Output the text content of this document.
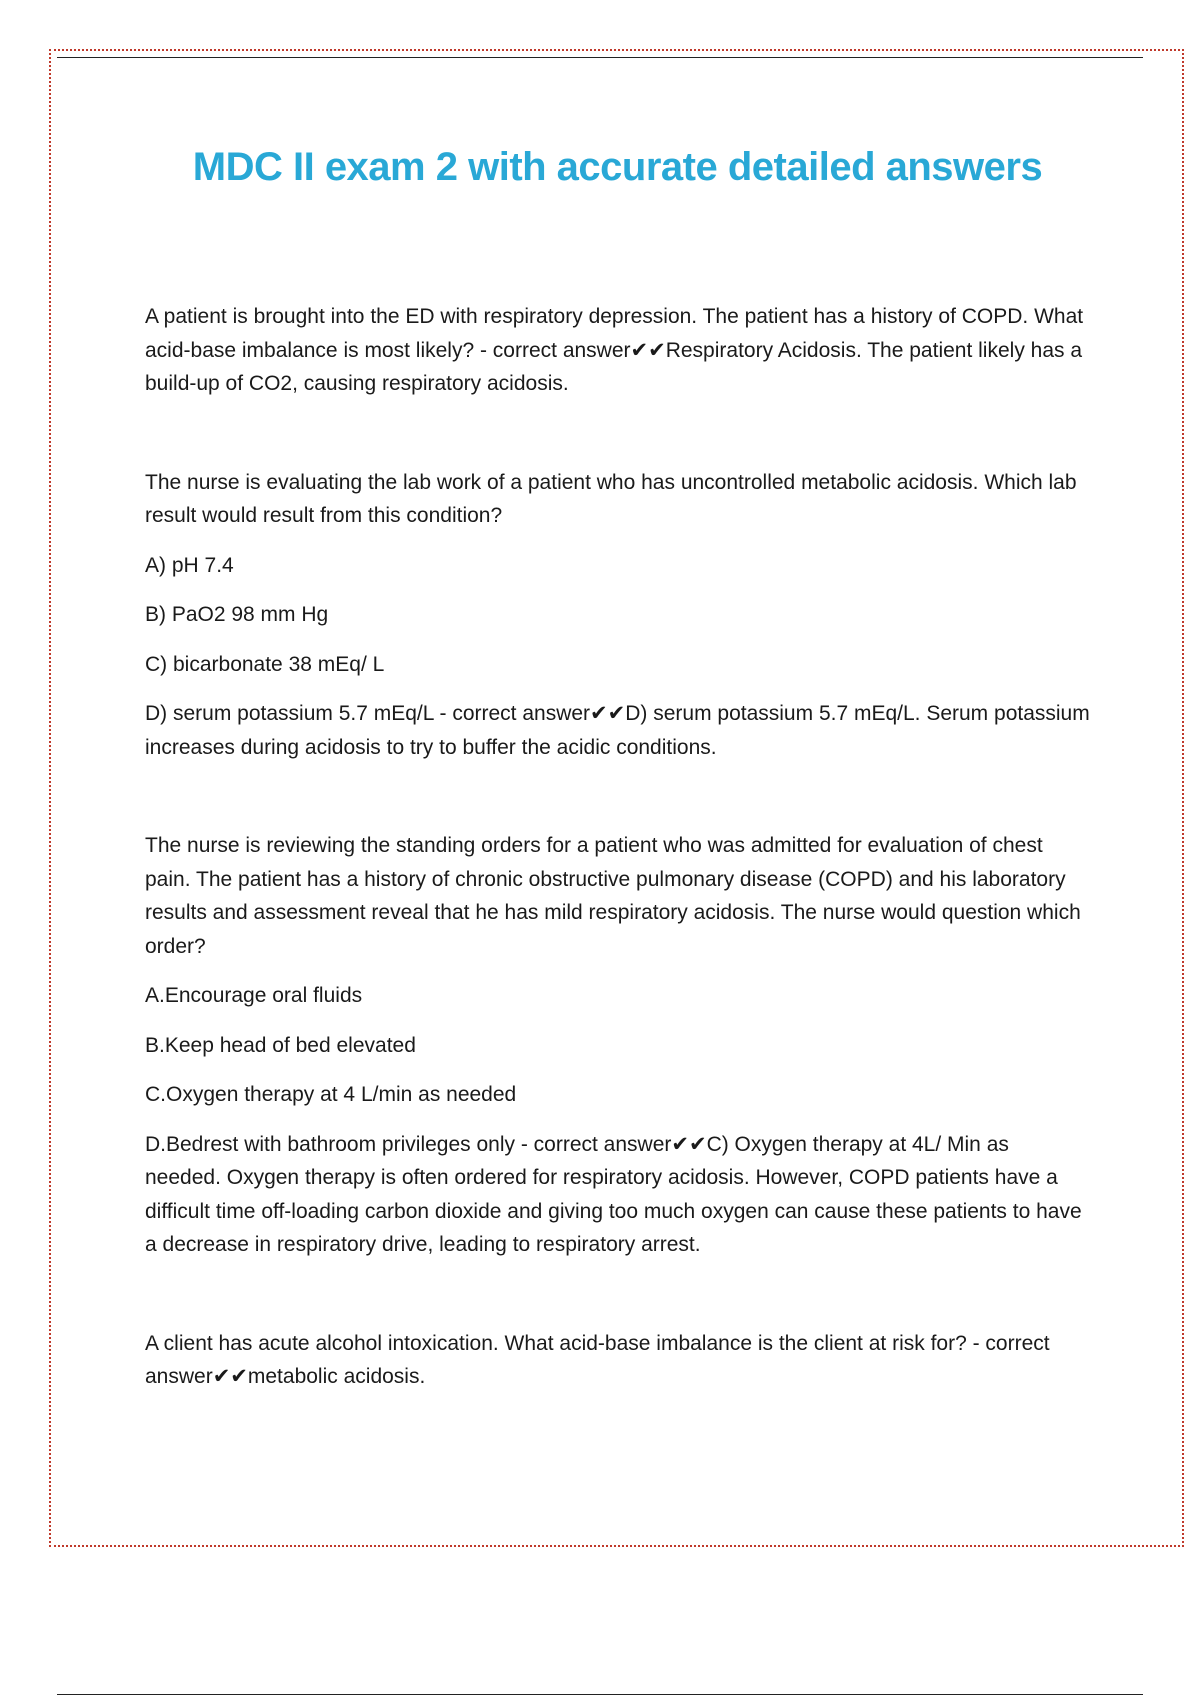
MDC II exam 2 with accurate detailed answers

A patient is brought into the ED with respiratory depression. The patient has a history of COPD. What acid-base imbalance is most likely? - correct answer✔✔Respiratory Acidosis. The patient likely has a build-up of CO2, causing respiratory acidosis.

The nurse is evaluating the lab work of a patient who has uncontrolled metabolic acidosis. Which lab result would result from this condition?

A) pH 7.4

B) PaO2 98 mm Hg

C) bicarbonate 38 mEq/ L

D) serum potassium 5.7 mEq/L - correct answer✔✔D) serum potassium 5.7 mEq/L. Serum potassium increases during acidosis to try to buffer the acidic conditions.

The nurse is reviewing the standing orders for a patient who was admitted for evaluation of chest pain. The patient has a history of chronic obstructive pulmonary disease (COPD) and his laboratory results and assessment reveal that he has mild respiratory acidosis. The nurse would question which order?

A.Encourage oral fluids

B.Keep head of bed elevated

C.Oxygen therapy at 4 L/min as needed

D.Bedrest with bathroom privileges only - correct answer✔✔C) Oxygen therapy at 4L/ Min as needed. Oxygen therapy is often ordered for respiratory acidosis. However, COPD patients have a difficult time off-loading carbon dioxide and giving too much oxygen can cause these patients to have a decrease in respiratory drive, leading to respiratory arrest.

A client has acute alcohol intoxication. What acid-base imbalance is the client at risk for? - correct answer✔✔metabolic acidosis.
